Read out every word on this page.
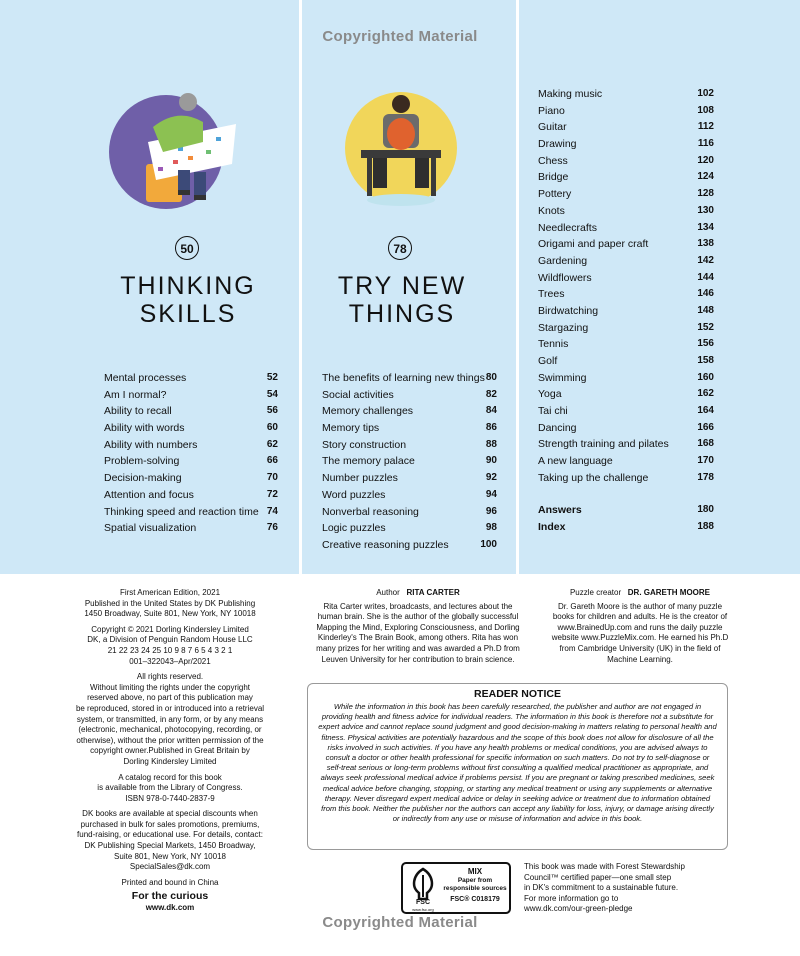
Copyrighted Material
50	78
THINKING
SKILLS
TRY NEW
THINGS
Mental processes	52
Am I normal?	54
Ability to recall	56
Ability with words	60
Ability with numbers	62
Problem-solving	66
Decision-making	70
Attention and focus	72
Thinking speed and reaction time 74
Spatial visualization	76
The benefits of learning new things 80
Social activities	82
Memory challenges	84
Memory tips	86
Story construction	88
The memory palace	90
Number puzzles	92
Word puzzles	94
Nonverbal reasoning	96
Logic puzzles	98
Creative reasoning puzzles	100
Making music	102
Piano	108
Guitar	112
Drawing	116
Chess	120
Bridge	124
Pottery	128
Knots	130
Needlecrafts	134
Origami and paper craft	138
Gardening	142
Wildflowers	144
Trees	146
Birdwatching	148
Stargazing	152
Tennis	156
Golf	158
Swimming	160
Yoga	162
Tai chi	164
Dancing	166
Strength training and pilates	168
A new language	170
Taking up the challenge	178
Answers	180
Index	188
First American Edition, 2021
Published in the United States by DK Publishing
1450 Broadway, Suite 801, New York, NY 10018
Copyright © 2021 Dorling Kindersley Limited
DK, a Division of Penguin Random House LLC
21 22 23 24 25 10 9 8 7 6 5 4 3 2 1
001–322043–Apr/2021
All rights reserved.
Without limiting the rights under the copyright
reserved above, no part of this publication may
be reproduced, stored in or introduced into a retrieval
system, or transmitted, in any form, or by any means
(electronic, mechanical, photocopying, recording, or
otherwise), without the prior written permission of the
copyright owner.Published in Great Britain by
Dorling Kindersley Limited
A catalog record for this book
is available from the Library of Congress.
ISBN 978-0-7440-2837-9
DK books are available at special discounts when
purchased in bulk for sales promotions, premiums,
fund-raising, or educational use. For details, contact:
DK Publishing Special Markets, 1450 Broadway,
Suite 801, New York, NY 10018
SpecialSales@dk.com
Printed and bound in China
For the curious
www.dk.com
Author RITA CARTER
Rita Carter writes, broadcasts, and lectures about the
human brain. She is the author of the globally successful
Mapping the Mind, Exploring Consciousness, and Dorling
Kinderley's The Brain Book, among others. Rita has won
many prizes for her writing and was awarded a Ph.D from
Leuven University for her contribution to brain science.
Puzzle creator DR. GARETH MOORE
Dr. Gareth Moore is the author of many puzzle
books for children and adults. He is the creator of
www.BrainedUp.com and runs the daily puzzle
website www.PuzzleMix.com. He earned his Ph.D
from Cambridge University (UK) in the field of
Machine Learning.
READER NOTICE
While the information in this book has been carefully researched, the publisher and author are not engaged in providing health and fitness advice for individual readers. The information in this book is therefore not a substitute for expert advice and cannot replace sound judgment and good decision-making in matters relating to personal health and fitness. Physical activities are potentially hazardous and the scope of this book does not allow for disclosure of all the risks involved in such activities. If you have any health problems or medical conditions, you are advised always to consult a doctor or other health professional for specific information on such matters. Do not try to self-diagnose or self-treat serious or long-term problems without first consulting a qualified medical practitioner as appropriate, and always seek professional medical advice if problems persist. If you are pregnant or taking prescribed medicines, seek medical advice before changing, stopping, or starting any medical treatment or using any supplements or alternative therapy. Never disregard expert medical advice or delay in seeking advice or treatment due to information obtained from this book. Neither the publisher nor the authors can accept any liability for loss, injury, or damage arising directly or indirectly from any use or misuse of information and advice in this book.
FSC
www.fsc.org
MIX
Paper from
responsible sources
FSC® C018179
This book was made with Forest Stewardship
Council™ certified paper—one small step
in DK's commitment to a sustainable future.
For more information go to
www.dk.com/our-green-pledge
Copyrighted Material
